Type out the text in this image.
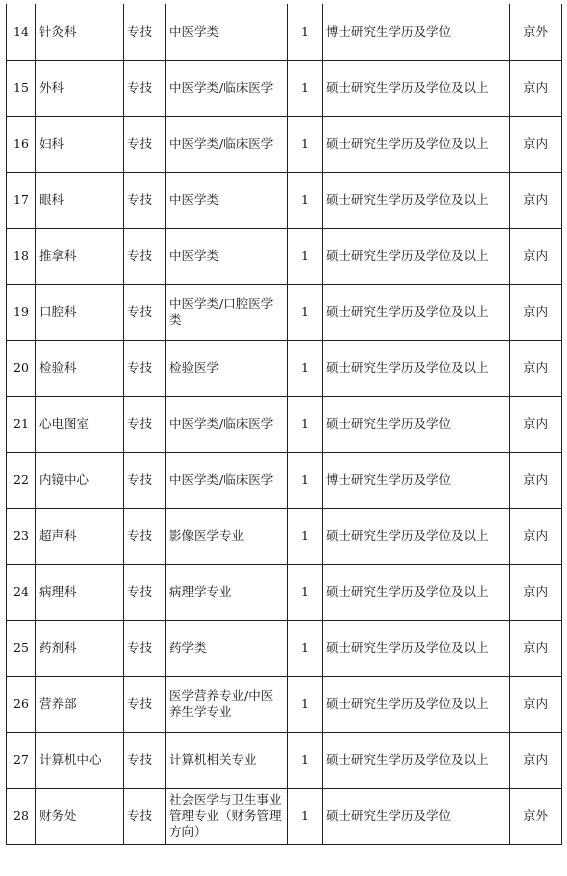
14	针灸科	专技	中医学类	1	博士研究生学历及学位	京外
15	外科	专技	中医学类/临床医学	1	硕士研究生学历及学位及以上	京内
16	妇科	专技	中医学类/临床医学	1	硕士研究生学历及学位及以上	京内
17	眼科	专技	中医学类	1	硕士研究生学历及学位及以上	京内
18	推拿科	专技	中医学类	1	硕士研究生学历及学位及以上	京内
19	口腔科	专技	中医学类/口腔医学类	1	硕士研究生学历及学位及以上	京内
20	检验科	专技	检验医学	1	硕士研究生学历及学位及以上	京内
21	心电图室	专技	中医学类/临床医学	1	硕士研究生学历及学位	京内
22	内镜中心	专技	中医学类/临床医学	1	博士研究生学历及学位	京内
23	超声科	专技	影像医学专业	1	硕士研究生学历及学位及以上	京内
24	病理科	专技	病理学专业	1	硕士研究生学历及学位及以上	京内
25	药剂科	专技	药学类	1	硕士研究生学历及学位及以上	京内
26	营养部	专技	医学营养专业/中医养生学专业	1	硕士研究生学历及学位及以上	京内
27	计算机中心	专技	计算机相关专业	1	硕士研究生学历及学位及以上	京内
28	财务处	专技	社会医学与卫生事业管理专业（财务管理方向）	1	硕士研究生学历及学位	京外
